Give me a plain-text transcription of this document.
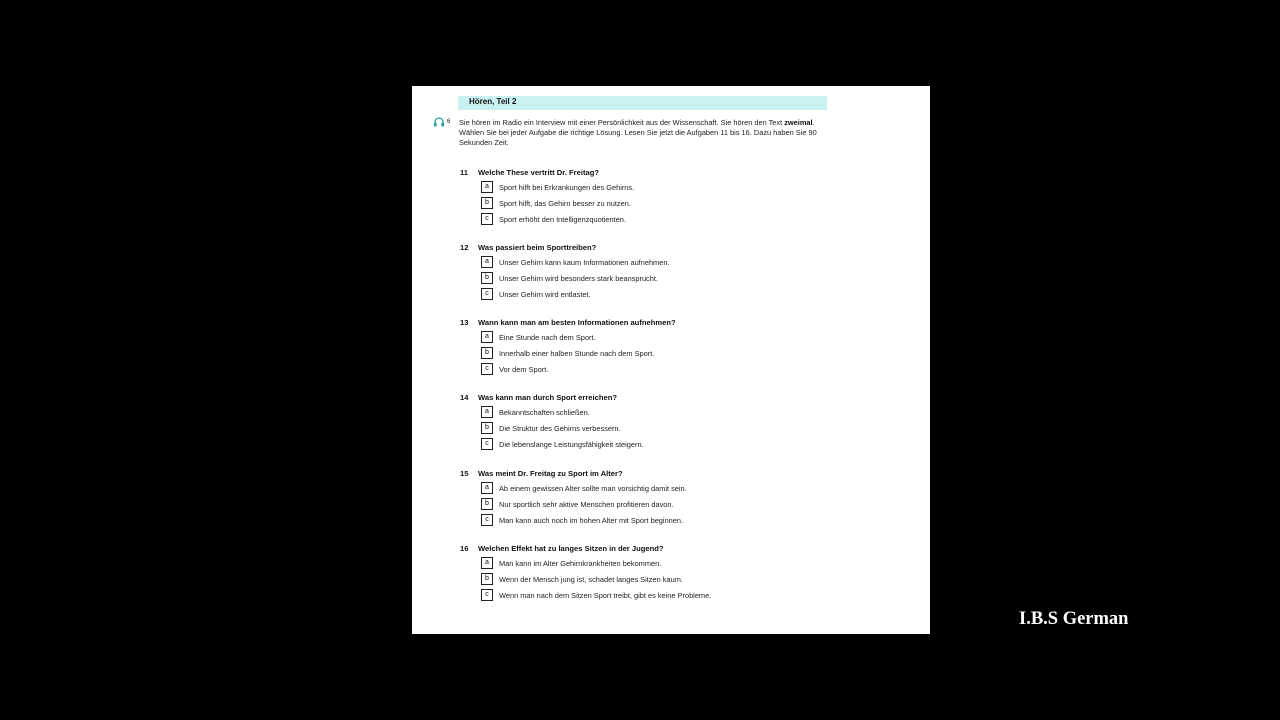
Hören, Teil 2
6 Sie hören im Radio ein Interview mit einer Persönlichkeit aus der Wissenschaft. Sie hören den Text zweimal. Wählen Sie bei jeder Aufgabe die richtige Lösung. Lesen Sie jetzt die Aufgaben 11 bis 16. Dazu haben Sie 90 Sekunden Zeit.
11 Welche These vertritt Dr. Freitag?
a	Sport hilft bei Erkrankungen des Gehirns.
b	Sport hilft, das Gehirn besser zu nutzen.
c	Sport erhöht den Intelligenzquotienten.
12 Was passiert beim Sporttreiben?
a	Unser Gehirn kann kaum Informationen aufnehmen.
b	Unser Gehirn wird besonders stark beansprucht.
c	Unser Gehirn wird entlastet.
13 Wann kann man am besten Informationen aufnehmen?
a	Eine Stunde nach dem Sport.
b	Innerhalb einer halben Stunde nach dem Sport.
c	Vor dem Sport.
14 Was kann man durch Sport erreichen?
a	Bekanntschaften schließen.
b	Die Struktur des Gehirns verbessern.
c	Die lebenslange Leistungsfähigkeit steigern.
15 Was meint Dr. Freitag zu Sport im Alter?
a	Ab einem gewissen Alter sollte man vorsichtig damit sein.
b	Nur sportlich sehr aktive Menschen profitieren davon.
c	Man kann auch noch im hohen Alter mit Sport beginnen.
16 Welchen Effekt hat zu langes Sitzen in der Jugend?
a	Man kann im Alter Gehirnkrankheiten bekommen.
b	Wenn der Mensch jung ist, schadet langes Sitzen kaum.
c	Wenn man nach dem Sitzen Sport treibt, gibt es keine Probleme.
I.B.S German
